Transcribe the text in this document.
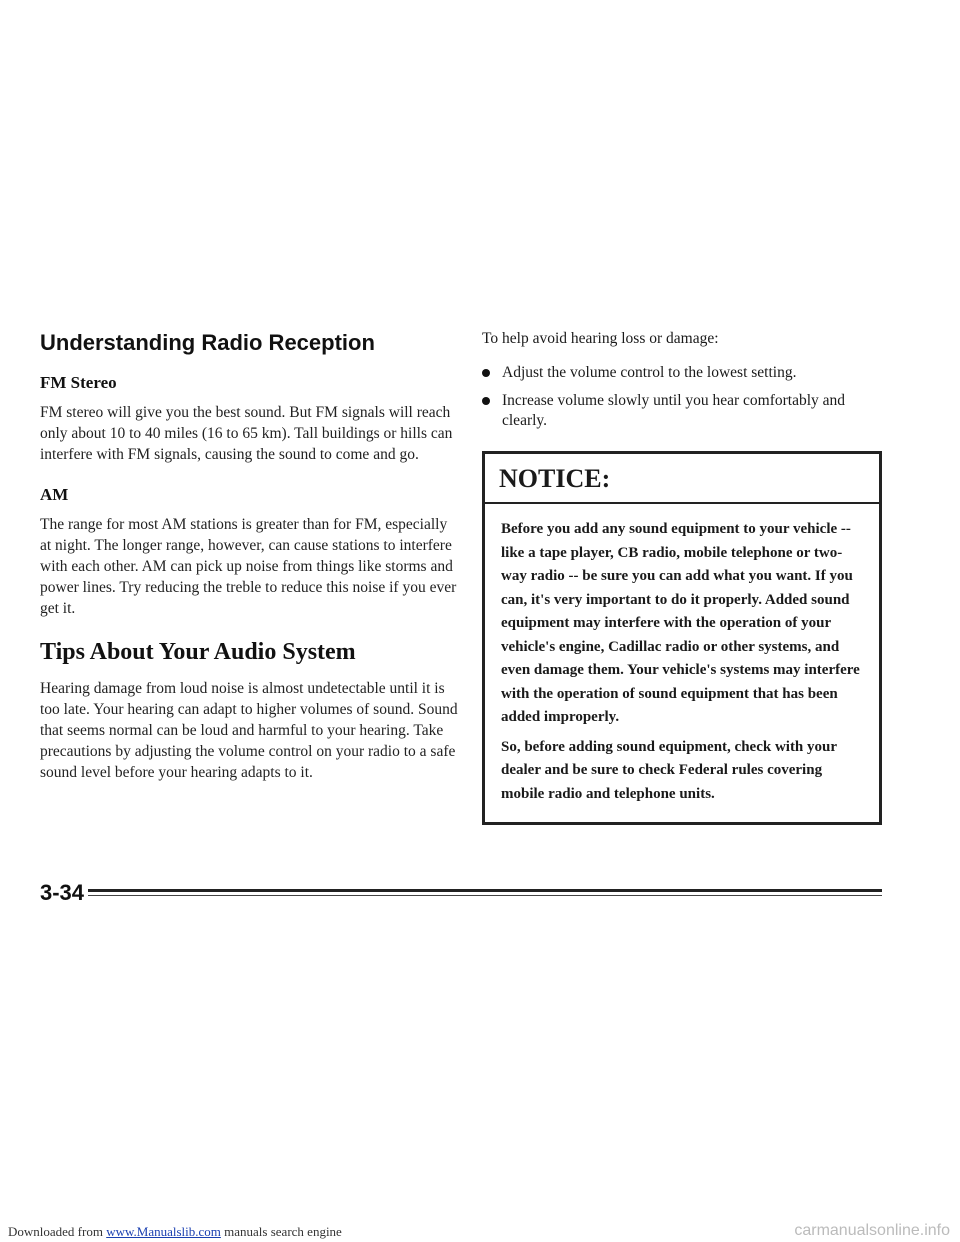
Understanding Radio Reception
FM Stereo

FM stereo will give you the best sound. But FM signals will reach only about 10 to 40 miles (16 to 65 km). Tall buildings or hills can interfere with FM signals, causing the sound to come and go.

AM

The range for most AM stations is greater than for FM, especially at night. The longer range, however, can cause stations to interfere with each other. AM can pick up noise from things like storms and power lines. Try reducing the treble to reduce this noise if you ever get it.

Tips About Your Audio System

Hearing damage from loud noise is almost undetectable until it is too late. Your hearing can adapt to higher volumes of sound. Sound that seems normal can be loud and harmful to your hearing. Take precautions by adjusting the volume control on your radio to a safe sound level before your hearing adapts to it.

To help avoid hearing loss or damage:
Adjust the volume control to the lowest setting.
Increase volume slowly until you hear comfortably and clearly.
NOTICE:

Before you add any sound equipment to your vehicle -- like a tape player, CB radio, mobile telephone or two-way radio -- be sure you can add what you want. If you can, it's very important to do it properly. Added sound equipment may interfere with the operation of your vehicle's engine, Cadillac radio or other systems, and even damage them. Your vehicle's systems may interfere with the operation of sound equipment that has been added improperly.

So, before adding sound equipment, check with your dealer and be sure to check Federal rules covering mobile radio and telephone units.

3-34
Downloaded from www.Manualslib.com manuals search engine	carmanualsonline.info
